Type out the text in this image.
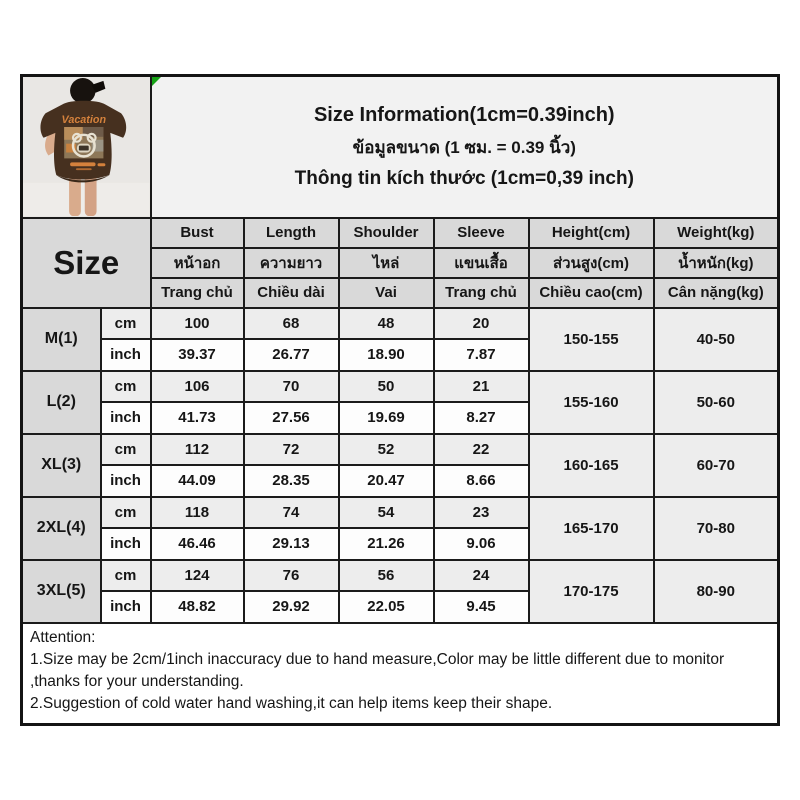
Vacation		Size Information(1cm=0.39inch)
ข้อมูลขนาด (1 ซม. = 0.39 นิ้ว)
Thông tin kích thước (1cm=0,39 inch)					

Size		Bust	Length	Shoulder	Sleeve	Height(cm)	Weight(kg)
		หน้าอก	ความยาว	ไหล่	แขนเสื้อ	ส่วนสูง(cm)	น้ำหนัก(kg)
		Trang chủ	Chiều dài	Vai	Trang chủ	Chiều cao(cm)	Cân nặng(kg)
M(1)	cm	100	68	48	20	150-155	40-50
	inch	39.37	26.77	18.90	7.87		
L(2)	cm	106	70	50	21	155-160	50-60
	inch	41.73	27.56	19.69	8.27		
XL(3)	cm	112	72	52	22	160-165	60-70
	inch	44.09	28.35	20.47	8.66		
2XL(4)	cm	118	74	54	23	165-170	70-80
	inch	46.46	29.13	21.26	9.06		
3XL(5)	cm	124	76	56	24	170-175	80-90
	inch	48.82	29.92	22.05	9.45		

Attention:
1.Size may be 2cm/1inch inaccuracy due to hand measure,Color may be little different due to monitor
,thanks for your understanding.
2.Suggestion of cold water hand washing,it can help items keep their shape.							
